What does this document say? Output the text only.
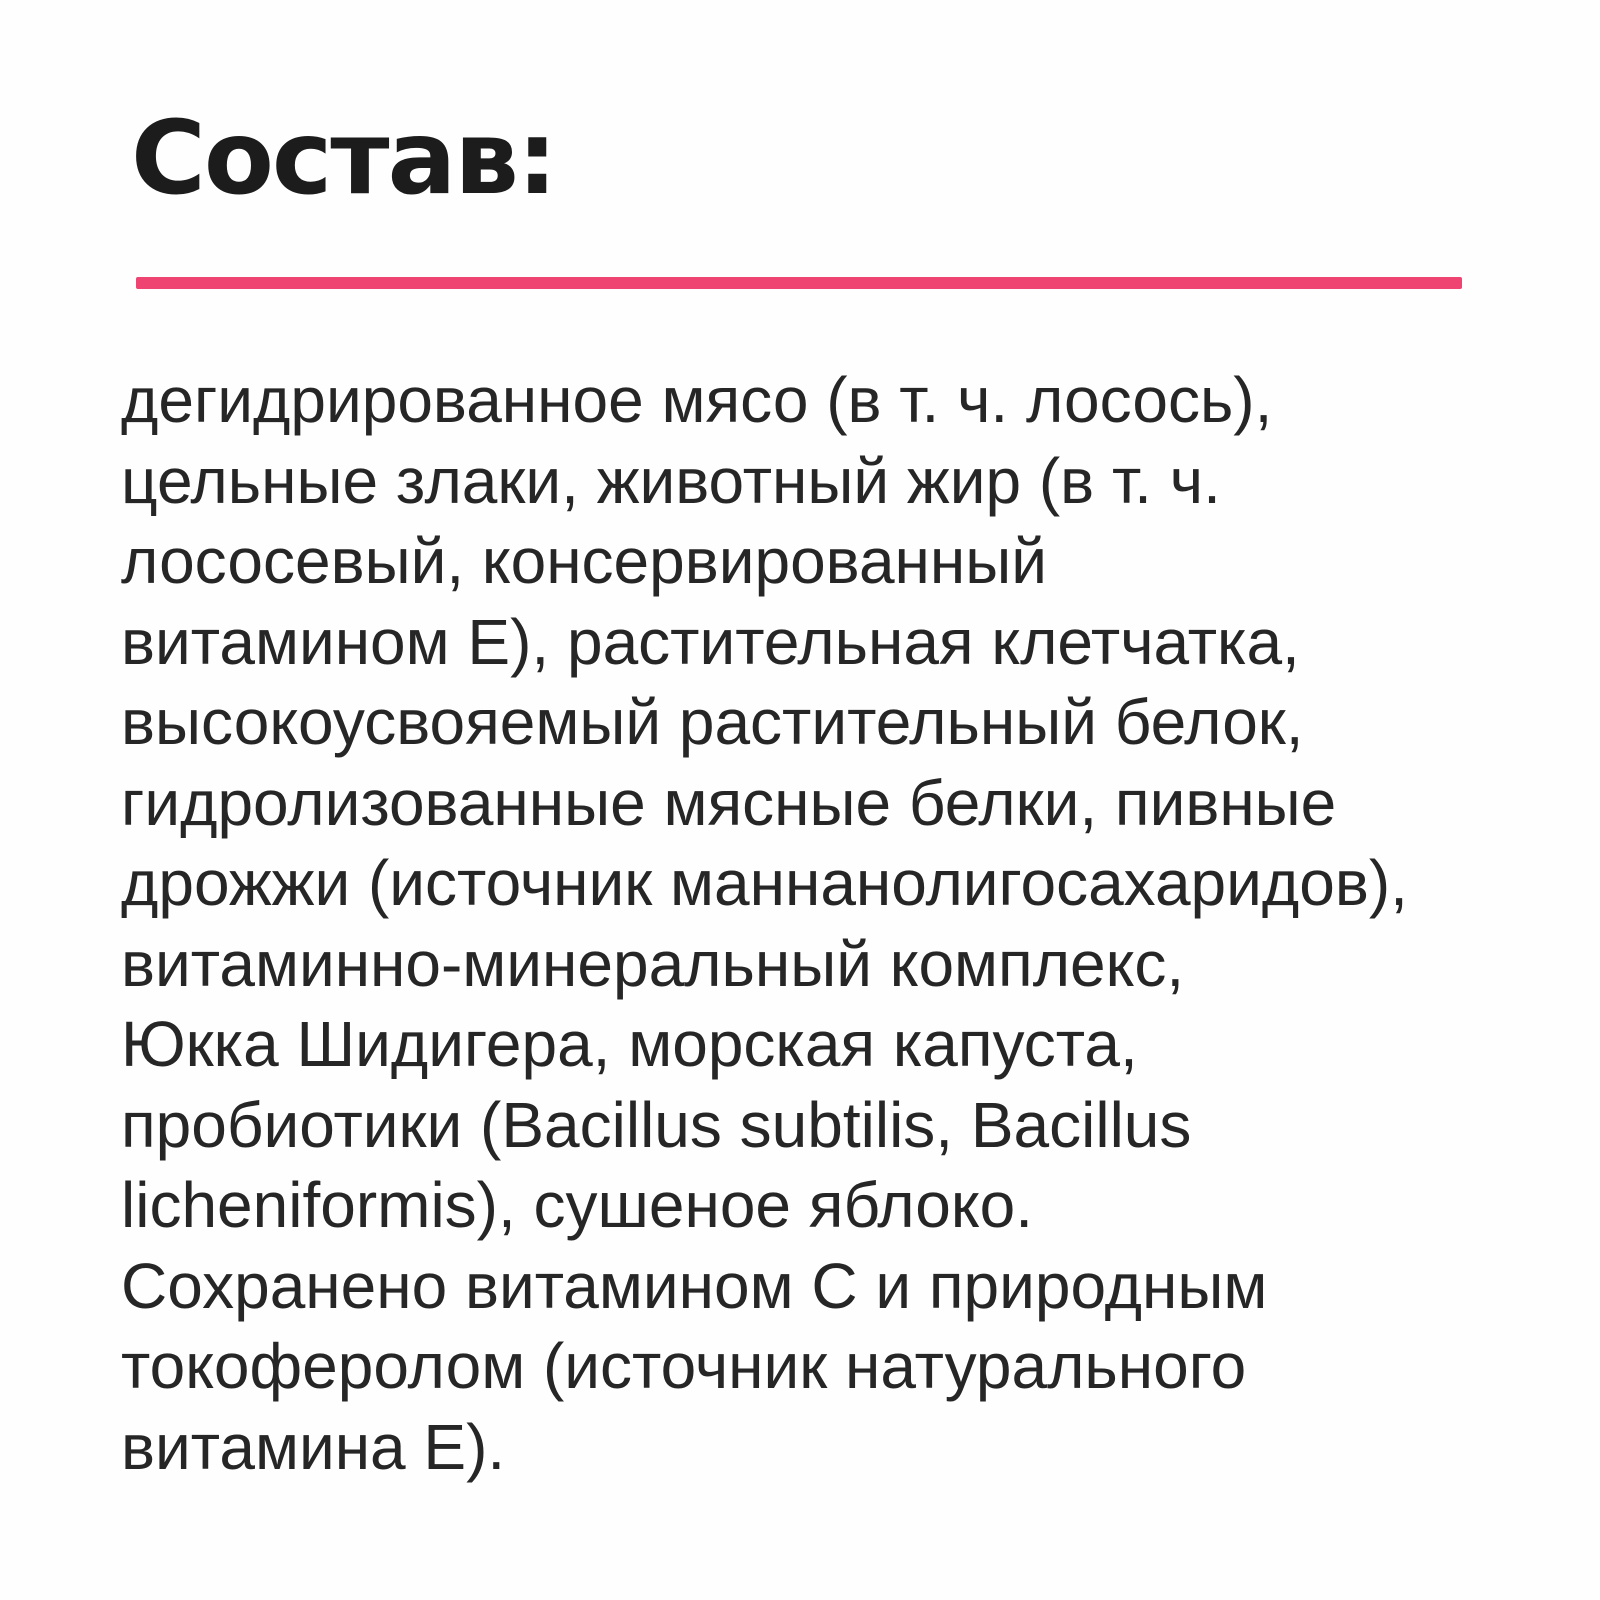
Состав:
дегидрированное мясо (в т. ч. лосось),
цельные злаки, животный жир (в т. ч.
лососевый, консервированный
витамином Е), растительная клетчатка,
высокоусвояемый растительный белок,
гидролизованные мясные белки, пивные
дрожжи (источник маннанолигосахаридов),
витаминно-минеральный комплекс,
Юкка Шидигера, морская капуста,
пробиотики (Bacillus subtilis, Bacillus
licheniformis), сушеное яблоко.
Сохранено витамином С и природным
токоферолом (источник натурального
витамина Е).
